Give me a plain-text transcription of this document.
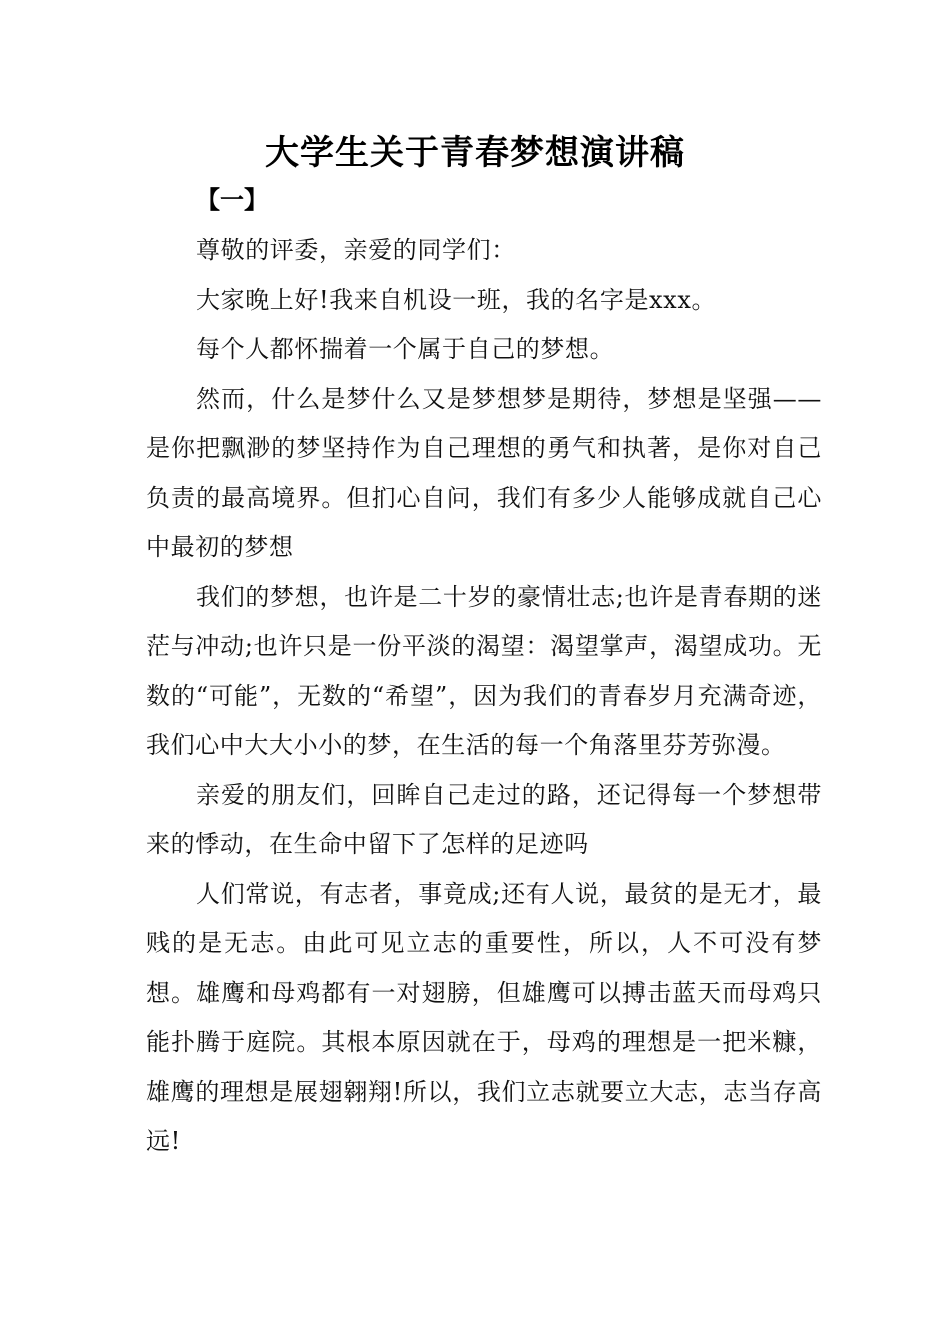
大学生关于青春梦想演讲稿
【一】

尊敬的评委，亲爱的同学们：

大家晚上好!我来自机设一班，我的名字是xxx。

每个人都怀揣着一个属于自己的梦想。

然而，什么是梦什么又是梦想梦是期待，梦想是坚强——是你把飘渺的梦坚持作为自己理想的勇气和执著，是你对自己负责的最高境界。但扪心自问，我们有多少人能够成就自己心中最初的梦想

我们的梦想，也许是二十岁的豪情壮志;也许是青春期的迷茫与冲动;也许只是一份平淡的渴望：渴望掌声，渴望成功。无数的“可能”，无数的“希望”，因为我们的青春岁月充满奇迹，我们心中大大小小的梦，在生活的每一个角落里芬芳弥漫。

亲爱的朋友们，回眸自己走过的路，还记得每一个梦想带来的悸动，在生命中留下了怎样的足迹吗

人们常说，有志者，事竟成;还有人说，最贫的是无才，最贱的是无志。由此可见立志的重要性，所以，人不可没有梦想。雄鹰和母鸡都有一对翅膀，但雄鹰可以搏击蓝天而母鸡只能扑腾于庭院。其根本原因就在于，母鸡的理想是一把米糠，雄鹰的理想是展翅翱翔!所以，我们立志就要立大志，志当存高远!
